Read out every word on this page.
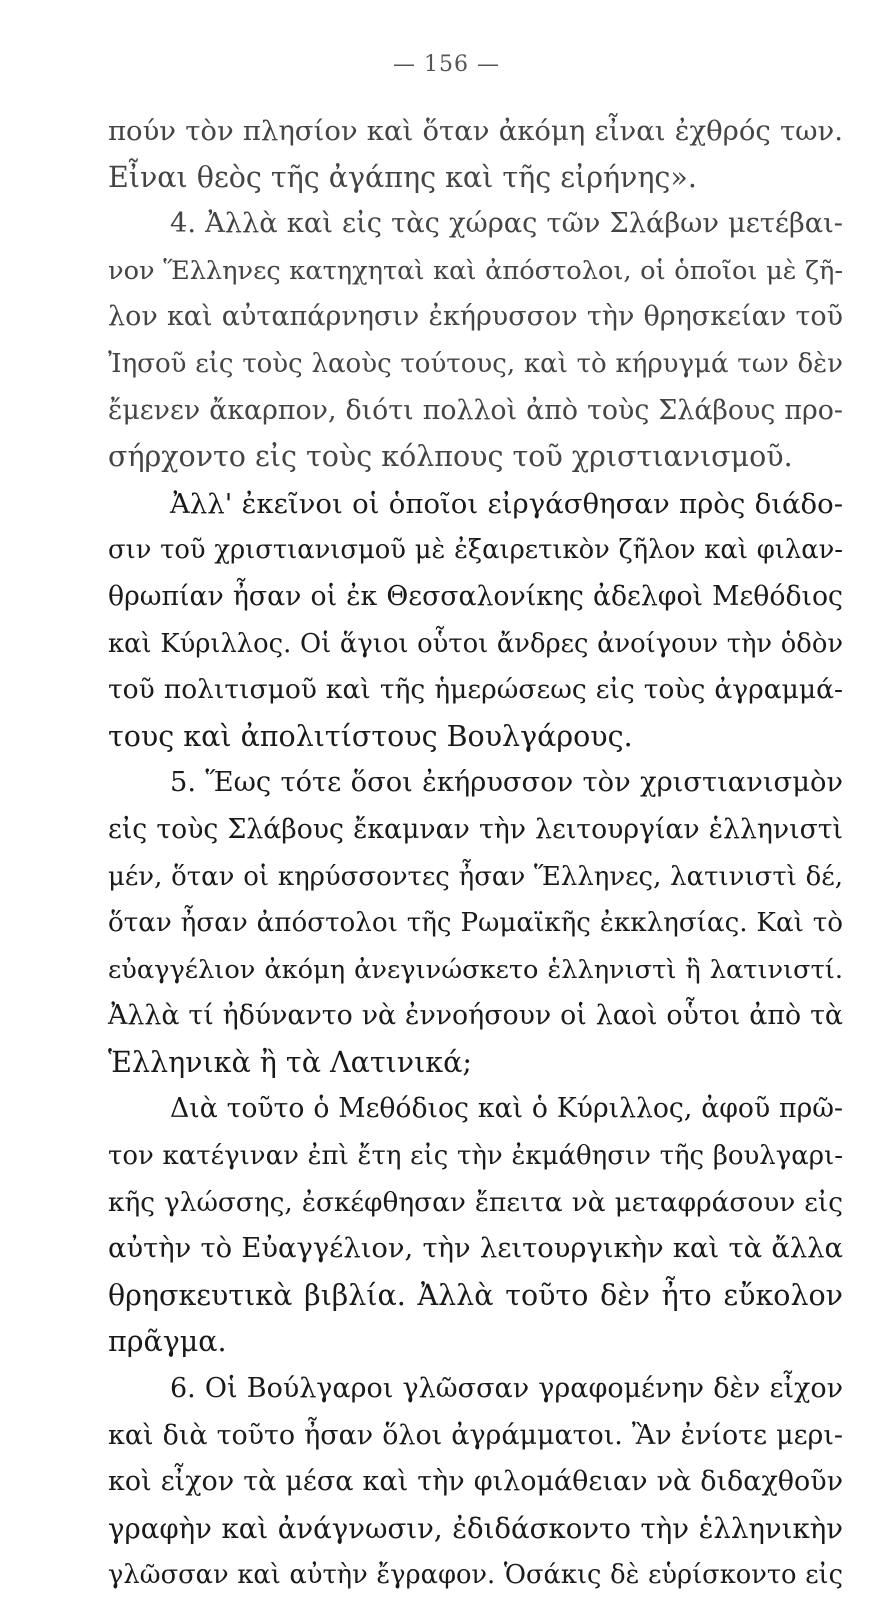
— 156 —
πούν τὸν πλησίον καὶ ὅταν ἀκόμη εἶναι ἐχθρός των.
Εἶναι θεὸς τῆς ἀγάπης καὶ τῆς εἰρήνης».
4. Ἀλλὰ καὶ εἰς τὰς χώρας τῶν Σλάβων μετέβαι-
νον Ἕλληνες κατηχηταὶ καὶ ἀπόστολοι, οἱ ὁποῖοι μὲ ζῆ-
λον καὶ αὐταπάρνησιν ἐκήρυσσον τὴν θρησκείαν τοῦ
Ἰησοῦ εἰς τοὺς λαοὺς τούτους, καὶ τὸ κήρυγμά των δὲν
ἔμενεν ἄκαρπον, διότι πολλοὶ ἀπὸ τοὺς Σλάβους προ-
σήρχοντο εἰς τοὺς κόλπους τοῦ χριστιανισμοῦ.
Ἀλλ' ἐκεῖνοι οἱ ὁποῖοι εἰργάσθησαν πρὸς διάδο-
σιν τοῦ χριστιανισμοῦ μὲ ἐξαιρετικὸν ζῆλον καὶ φιλαν-
θρωπίαν ἦσαν οἱ ἐκ Θεσσαλονίκης ἀδελφοὶ Μεθόδιος
καὶ Κύριλλος. Οἱ ἅγιοι οὗτοι ἄνδρες ἀνοίγουν τὴν ὁδὸν
τοῦ πολιτισμοῦ καὶ τῆς ἡμερώσεως εἰς τοὺς ἀγραμμά-
τους καὶ ἀπολιτίστους Βουλγάρους.
5. Ἕως τότε ὅσοι ἐκήρυσσον τὸν χριστιανισμὸν
εἰς τοὺς Σλάβους ἔκαμναν τὴν λειτουργίαν ἑλληνιστὶ
μέν, ὅταν οἱ κηρύσσοντες ἦσαν Ἕλληνες, λατινιστὶ δέ,
ὅταν ἦσαν ἀπόστολοι τῆς Ρωμαϊκῆς ἐκκλησίας. Καὶ τὸ
εὐαγγέλιον ἀκόμη ἀνεγινώσκετο ἑλληνιστὶ ἢ λατινιστί.
Ἀλλὰ τί ἠδύναντο νὰ ἐννοήσουν οἱ λαοὶ οὗτοι ἀπὸ τὰ
Ἑλληνικὰ ἢ τὰ Λατινικά;
Διὰ τοῦτο ὁ Μεθόδιος καὶ ὁ Κύριλλος, ἀφοῦ πρῶ-
τον κατέγιναν ἐπὶ ἔτη εἰς τὴν ἐκμάθησιν τῆς βουλγαρι-
κῆς γλώσσης, ἐσκέφθησαν ἔπειτα νὰ μεταφράσουν εἰς
αὐτὴν τὸ Εὐαγγέλιον, τὴν λειτουργικὴν καὶ τὰ ἄλλα
θρησκευτικὰ βιβλία. Ἀλλὰ τοῦτο δὲν ἦτο εὔκολον
πρᾶγμα.
6. Οἱ Βούλγαροι γλῶσσαν γραφομένην δὲν εἶχον
καὶ διὰ τοῦτο ἦσαν ὅλοι ἀγράμματοι. Ἂν ἐνίοτε μερι-
κοὶ εἶχον τὰ μέσα καὶ τὴν φιλομάθειαν νὰ διδαχθοῦν
γραφὴν καὶ ἀνάγνωσιν, ἐδιδάσκοντο τὴν ἑλληνικὴν
γλῶσσαν καὶ αὐτὴν ἔγραφον. Ὁσάκις δὲ εὑρίσκοντο εἰς
